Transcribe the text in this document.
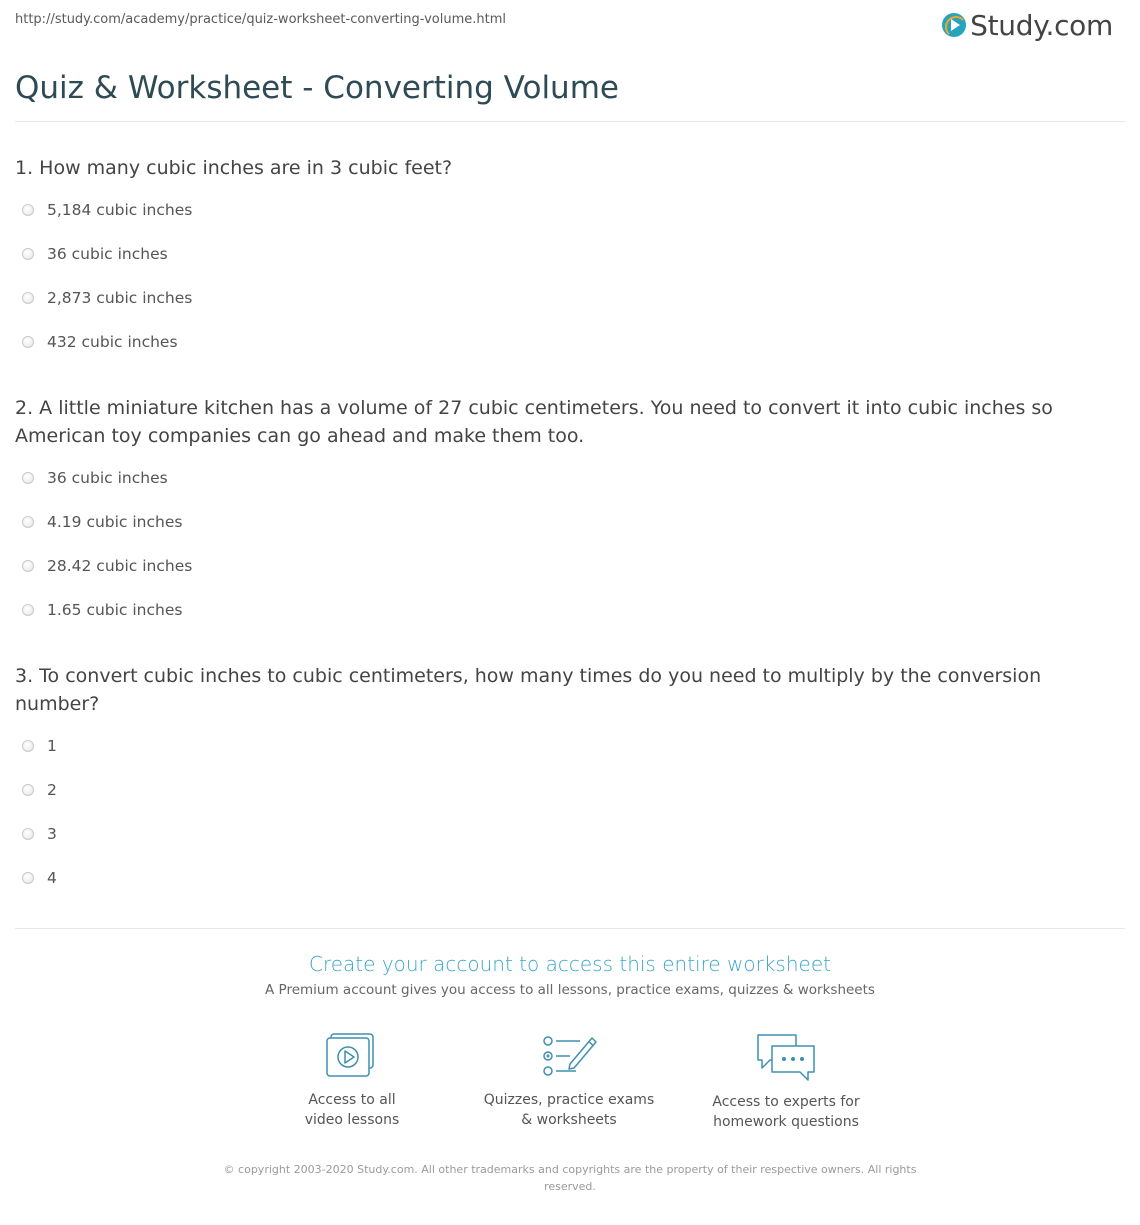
http://study.com/academy/practice/quiz-worksheet-converting-volume.html	Study.com
Quiz & Worksheet - Converting Volume
1. How many cubic inches are in 3 cubic feet?
5,184 cubic inches
36 cubic inches
2,873 cubic inches
432 cubic inches
2. A little miniature kitchen has a volume of 27 cubic centimeters. You need to convert it into cubic inches so American toy companies can go ahead and make them too.
36 cubic inches
4.19 cubic inches
28.42 cubic inches
1.65 cubic inches
3. To convert cubic inches to cubic centimeters, how many times do you need to multiply by the conversion number?
1
2
3
4
Create your account to access this entire worksheet
A Premium account gives you access to all lessons, practice exams, quizzes & worksheets
Access to all
video lessons
Quizzes, practice exams
& worksheets
Access to experts for
homework questions
© copyright 2003-2020 Study.com. All other trademarks and copyrights are the property of their respective owners. All rights reserved.
